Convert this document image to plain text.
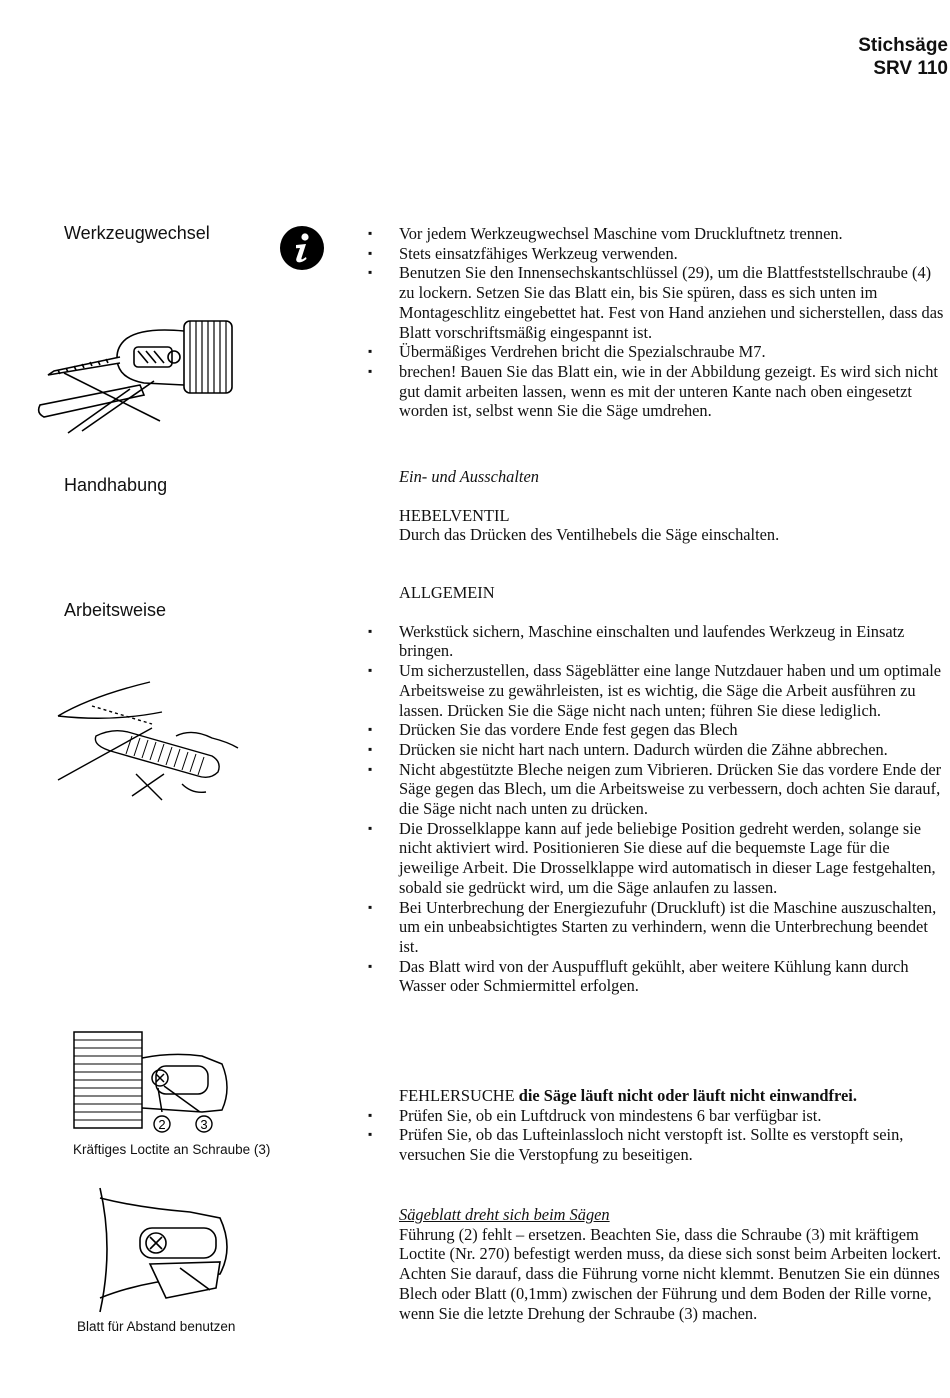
Stichsäge
SRV 110
Werkzeugwechsel
Handhabung
Arbeitsweise
2	3
Kräftiges Loctite an Schraube (3)
Blatt für Abstand benutzen
▪ Vor jedem Werkzeugwechsel Maschine vom Druckluftnetz trennen.
▪ Stets einsatzfähiges Werkzeug verwenden.
▪ Benutzen Sie den Innensechskantschlüssel (29), um die Blattfeststellschraube (4) zu lockern. Setzen Sie das Blatt ein, bis Sie spüren, dass es sich unten im Montageschlitz eingebettet hat. Fest von Hand anziehen und sicherstellen, dass das Blatt vorschriftsmäßig eingespannt ist.
▪ Übermäßiges Verdrehen bricht die Spezialschraube M7.
▪ brechen! Bauen Sie das Blatt ein, wie in der Abbildung gezeigt. Es wird sich nicht gut damit arbeiten lassen, wenn es mit der unteren Kante nach oben eingesetzt worden ist, selbst wenn Sie die Säge umdrehen.

Ein- und Ausschalten

HEBELVENTIL

Durch das Drücken des Ventilhebels die Säge einschalten.

ALLGEMEIN

▪ Werkstück sichern, Maschine einschalten und laufendes Werkzeug in Einsatz bringen.
▪ Um sicherzustellen, dass Sägeblätter eine lange Nutzdauer haben und um optimale Arbeitsweise zu gewährleisten, ist es wichtig, die Säge die Arbeit ausführen zu lassen. Drücken Sie die Säge nicht nach unten; führen Sie diese lediglich.
▪ Drücken Sie das vordere Ende fest gegen das Blech
▪ Drücken sie nicht hart nach untern. Dadurch würden die Zähne abbrechen.
▪ Nicht abgestützte Bleche neigen zum Vibrieren. Drücken Sie das vordere Ende der Säge gegen das Blech, um die Arbeitsweise zu verbessern, doch achten Sie darauf, die Säge nicht nach unten zu drücken.
▪ Die Drosselklappe kann auf jede beliebige Position gedreht werden, solange sie nicht aktiviert wird. Positionieren Sie diese auf die bequemste Lage für die jeweilige Arbeit. Die Drosselklappe wird automatisch in dieser Lage festgehalten, sobald sie gedrückt wird, um die Säge anlaufen zu lassen.
▪ Bei Unterbrechung der Energiezufuhr (Druckluft) ist die Maschine auszuschalten, um ein unbeabsichtigtes Starten zu verhindern, wenn die Unterbrechung beendet ist.
▪ Das Blatt wird von der Auspuffluft gekühlt, aber weitere Kühlung kann durch Wasser oder Schmiermittel erfolgen.

FEHLERSUCHE die Säge läuft nicht oder läuft nicht einwandfrei.

▪ Prüfen Sie, ob ein Luftdruck von mindestens 6 bar verfügbar ist.
▪ Prüfen Sie, ob das Lufteinlassloch nicht verstopft ist. Sollte es verstopft sein, versuchen Sie die Verstopfung zu beseitigen.

Sägeblatt dreht sich beim Sägen

Führung (2) fehlt – ersetzen. Beachten Sie, dass die Schraube (3) mit kräftigem Loctite (Nr. 270) befestigt werden muss, da diese sich sonst beim Arbeiten lockert. Achten Sie darauf, dass die Führung vorne nicht klemmt. Benutzen Sie ein dünnes Blech oder Blatt (0,1mm) zwischen der Führung und dem Boden der Rille vorne, wenn Sie die letzte Drehung der Schraube (3) machen.
